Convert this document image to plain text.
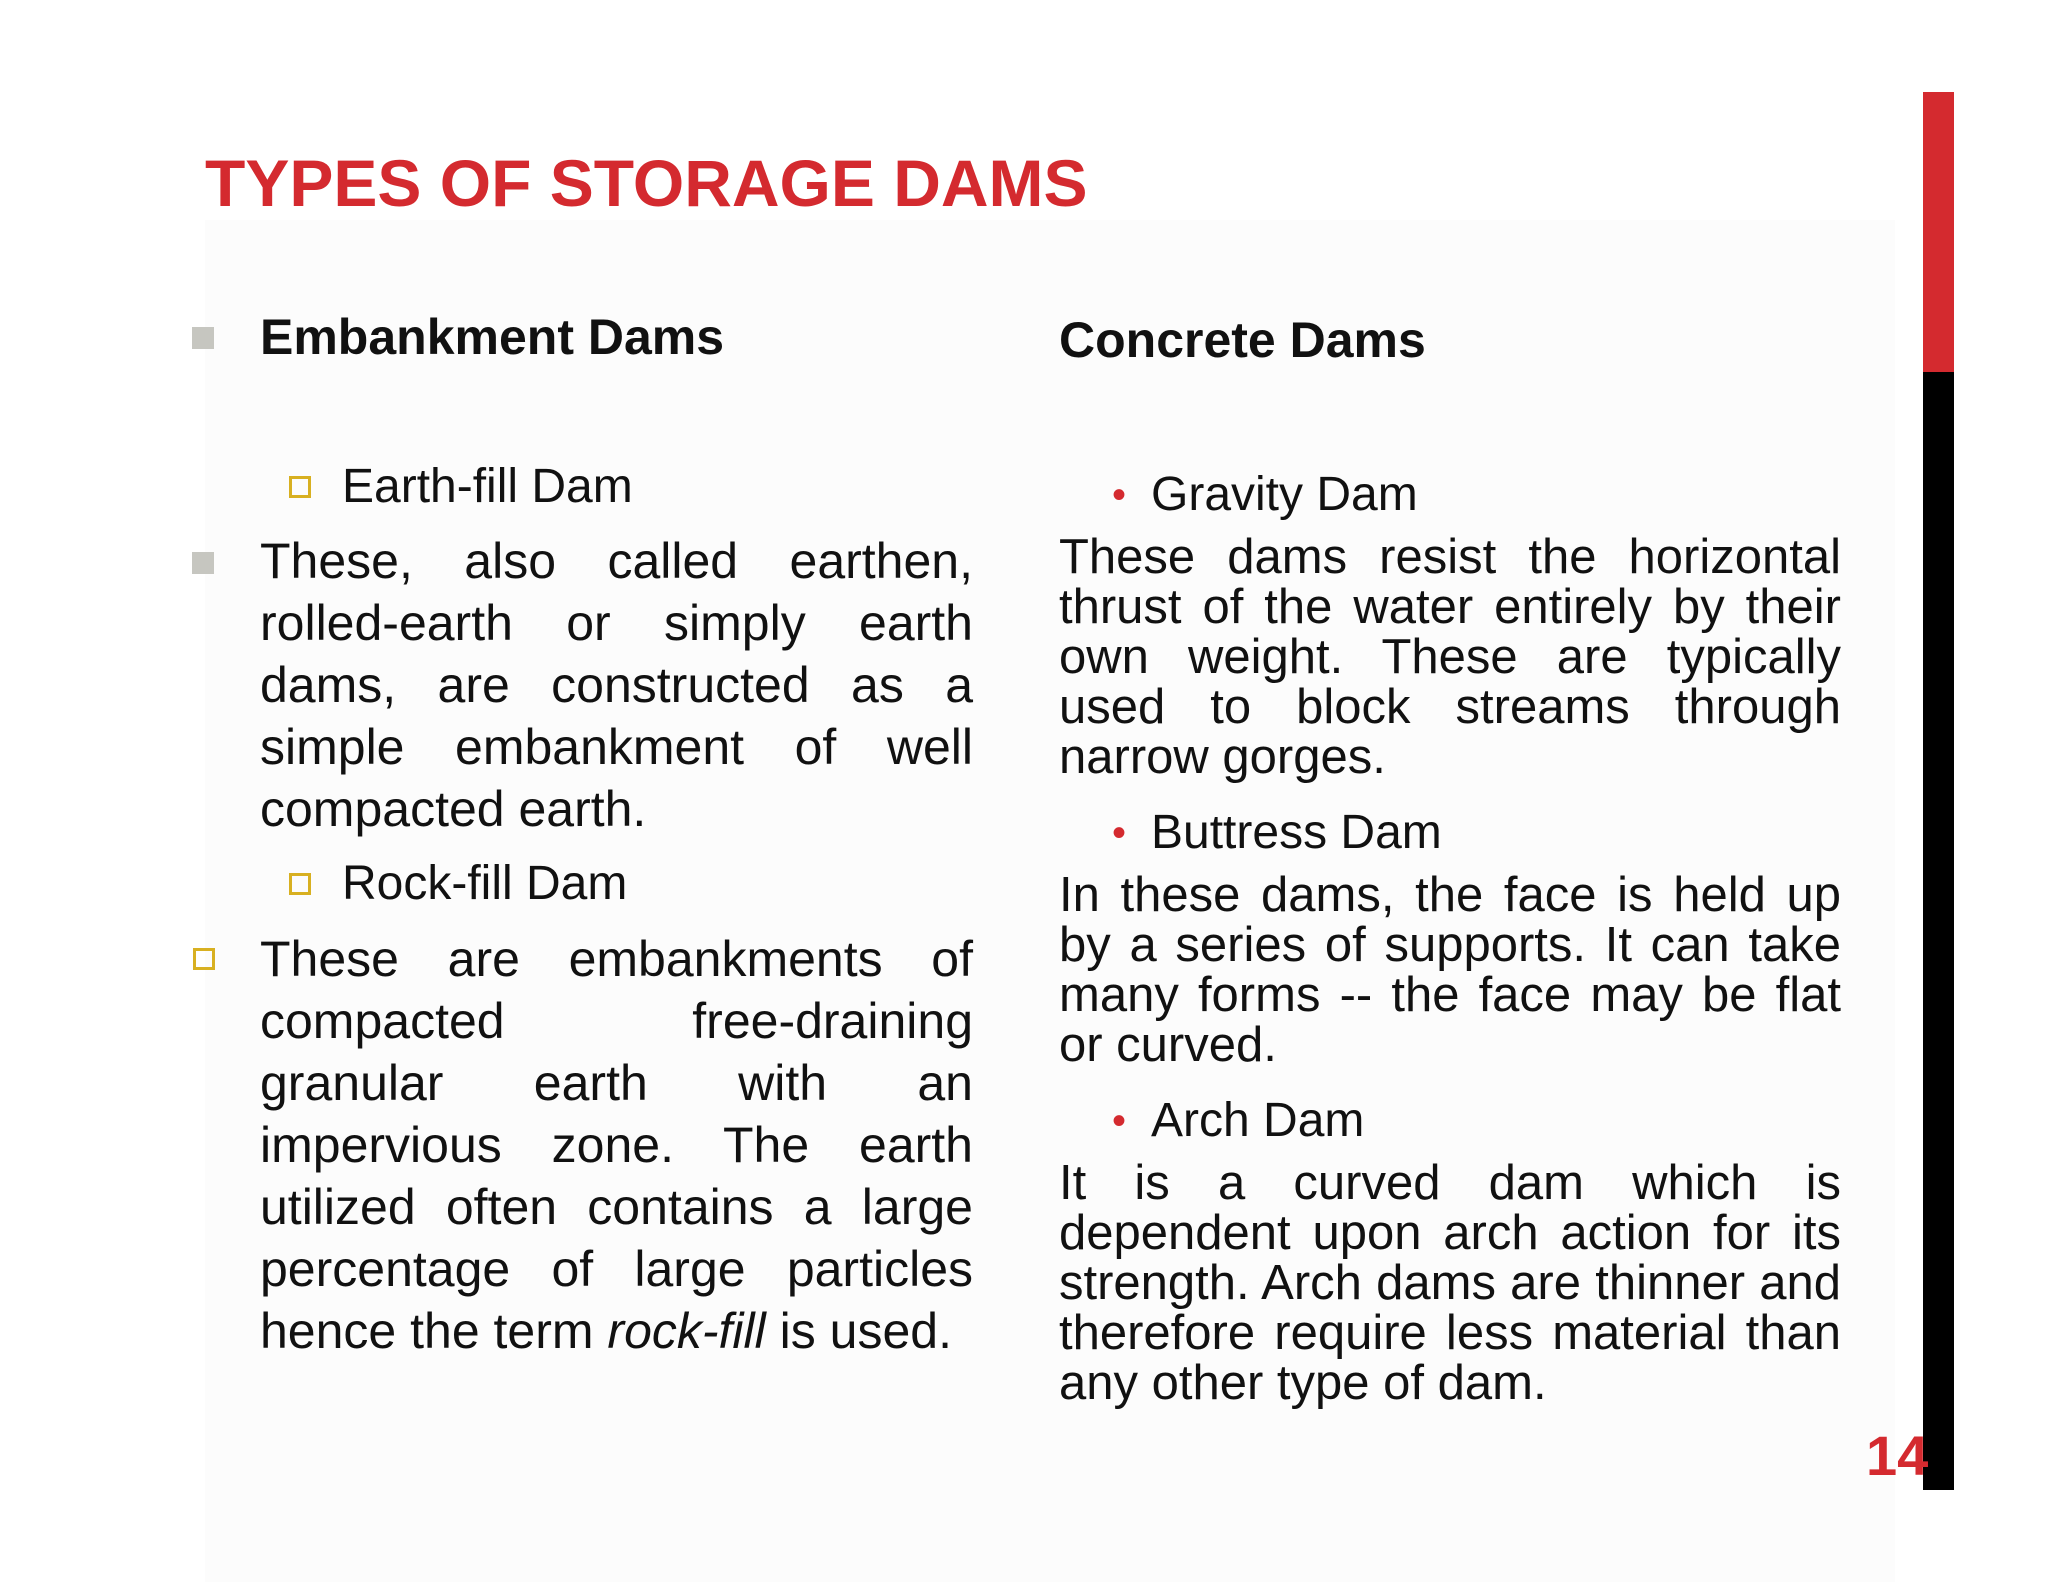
TYPES OF STORAGE DAMS
Embankment Dams
Earth-fill Dam
These, also called earthen, rolled-earth or simply earth dams, are constructed as a simple embankment of well compacted earth.
Rock-fill Dam
These are embankments of compacted free-draining granular earth with an impervious zone. The earth utilized often contains a large percentage of large particles hence the term rock-fill is used.
Concrete Dams
• Gravity Dam
These dams resist the horizontal thrust of the water entirely by their own weight. These are typically used to block streams through narrow gorges.
• Buttress Dam
In these dams, the face is held up by a series of supports. It can take many forms -- the face may be flat or curved.
• Arch Dam
It is a curved dam which is dependent upon arch action for its strength. Arch dams are thinner and therefore require less material than any other type of dam.
14
